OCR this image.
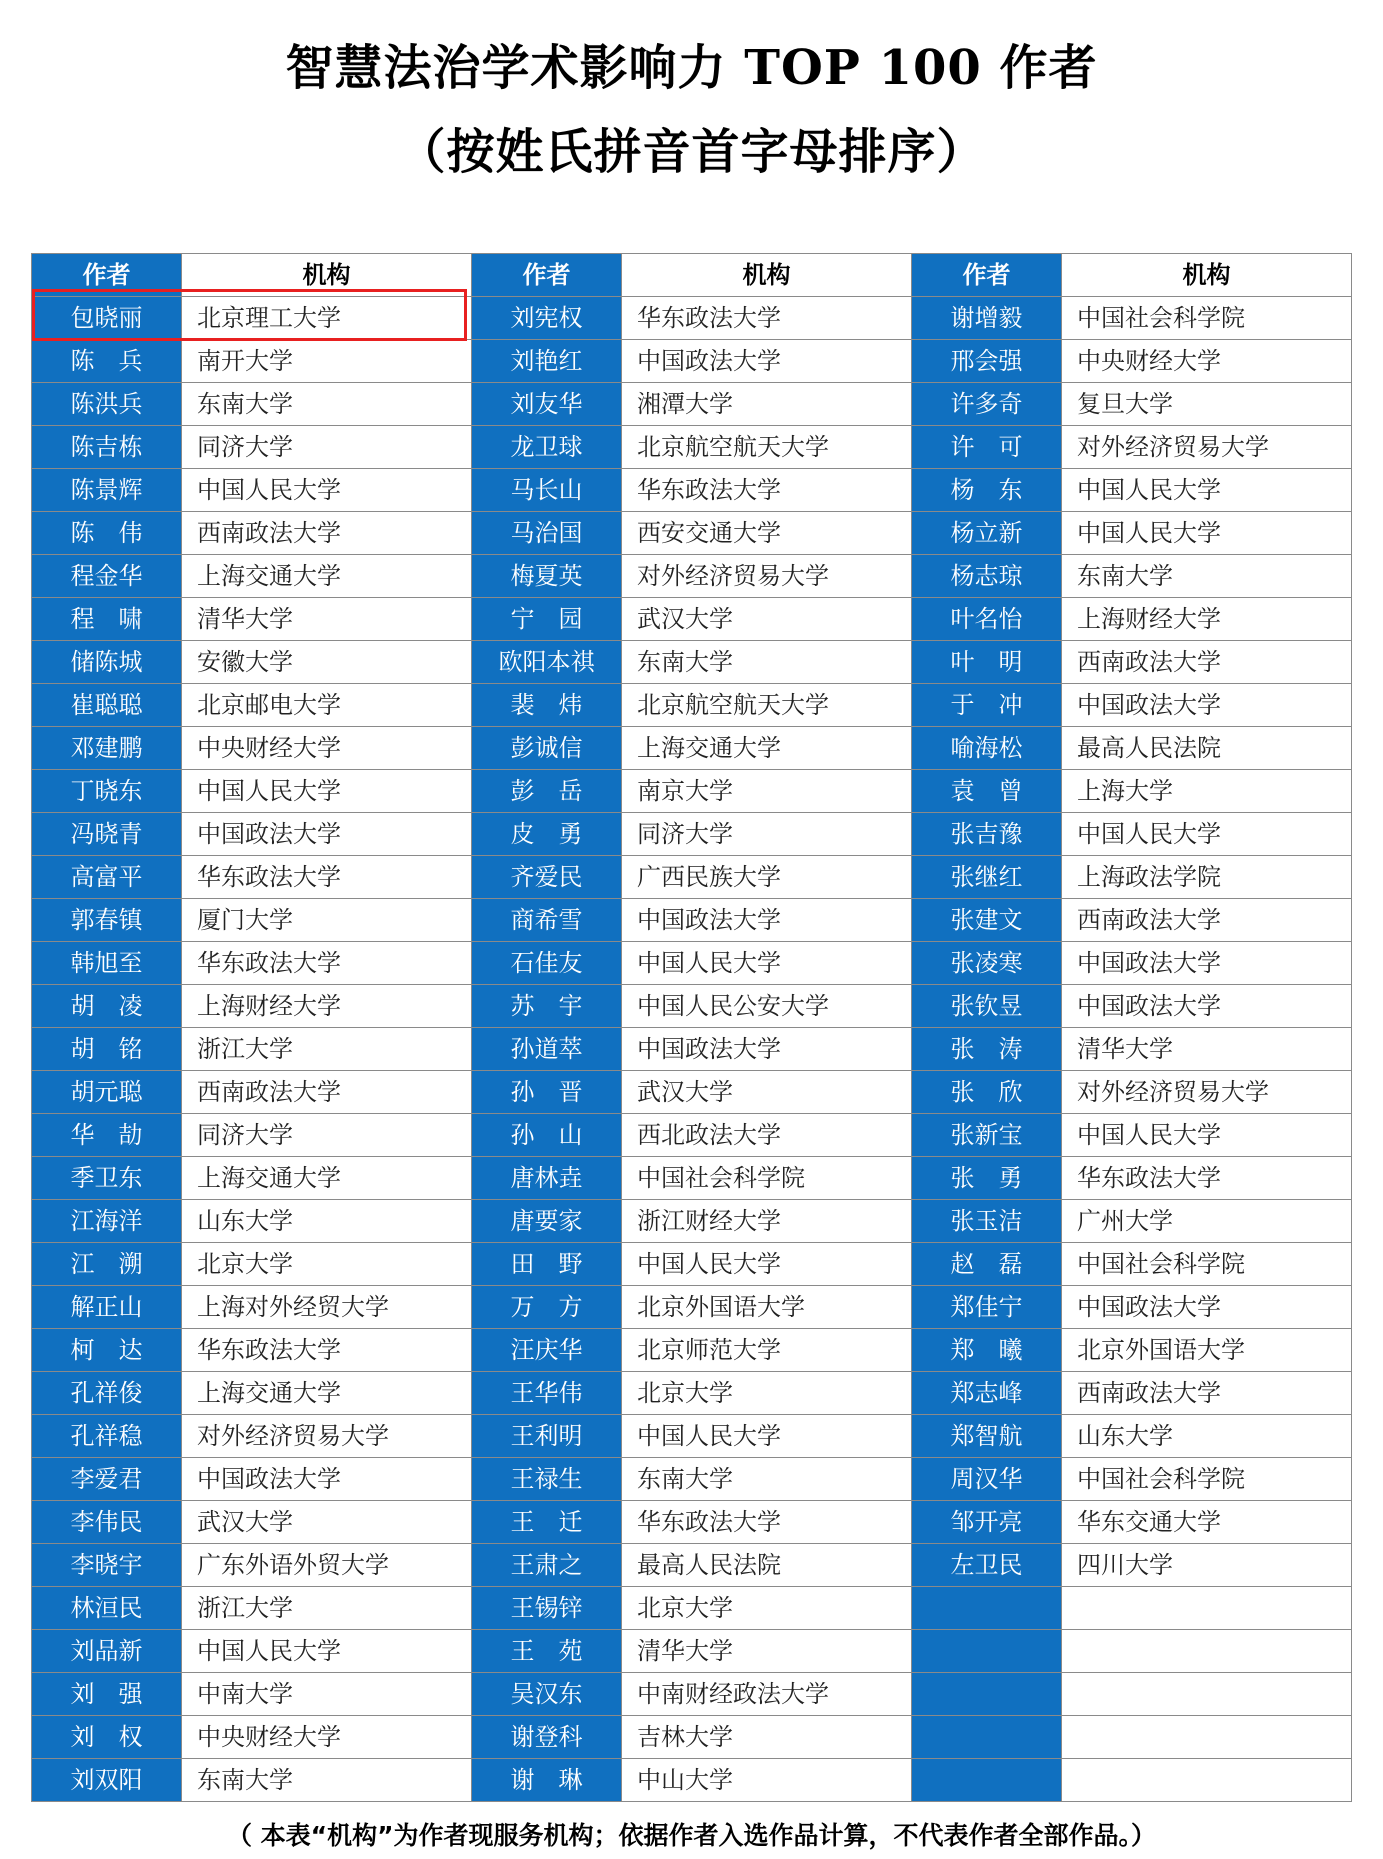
智慧法治学术影响力 TOP 100 作者
（按姓氏拼音首字母排序）
作者	机构	作者	机构	作者	机构
包晓丽	北京理工大学	刘宪权	华东政法大学	谢增毅	中国社会科学院
陈　兵	南开大学	刘艳红	中国政法大学	邢会强	中央财经大学
陈洪兵	东南大学	刘友华	湘潭大学	许多奇	复旦大学
陈吉栋	同济大学	龙卫球	北京航空航天大学	许　可	对外经济贸易大学
陈景辉	中国人民大学	马长山	华东政法大学	杨　东	中国人民大学
陈　伟	西南政法大学	马治国	西安交通大学	杨立新	中国人民大学
程金华	上海交通大学	梅夏英	对外经济贸易大学	杨志琼	东南大学
程　啸	清华大学	宁　园	武汉大学	叶名怡	上海财经大学
储陈城	安徽大学	欧阳本祺	东南大学	叶　明	西南政法大学
崔聪聪	北京邮电大学	裴　炜	北京航空航天大学	于　冲	中国政法大学
邓建鹏	中央财经大学	彭诚信	上海交通大学	喻海松	最高人民法院
丁晓东	中国人民大学	彭　岳	南京大学	袁　曾	上海大学
冯晓青	中国政法大学	皮　勇	同济大学	张吉豫	中国人民大学
高富平	华东政法大学	齐爱民	广西民族大学	张继红	上海政法学院
郭春镇	厦门大学	商希雪	中国政法大学	张建文	西南政法大学
韩旭至	华东政法大学	石佳友	中国人民大学	张凌寒	中国政法大学
胡　凌	上海财经大学	苏　宇	中国人民公安大学	张钦昱	中国政法大学
胡　铭	浙江大学	孙道萃	中国政法大学	张　涛	清华大学
胡元聪	西南政法大学	孙　晋	武汉大学	张　欣	对外经济贸易大学
华　劼	同济大学	孙　山	西北政法大学	张新宝	中国人民大学
季卫东	上海交通大学	唐林垚	中国社会科学院	张　勇	华东政法大学
江海洋	山东大学	唐要家	浙江财经大学	张玉洁	广州大学
江　溯	北京大学	田　野	中国人民大学	赵　磊	中国社会科学院
解正山	上海对外经贸大学	万　方	北京外国语大学	郑佳宁	中国政法大学
柯　达	华东政法大学	汪庆华	北京师范大学	郑　曦	北京外国语大学
孔祥俊	上海交通大学	王华伟	北京大学	郑志峰	西南政法大学
孔祥稳	对外经济贸易大学	王利明	中国人民大学	郑智航	山东大学
李爱君	中国政法大学	王禄生	东南大学	周汉华	中国社会科学院
李伟民	武汉大学	王　迁	华东政法大学	邹开亮	华东交通大学
李晓宇	广东外语外贸大学	王肃之	最高人民法院	左卫民	四川大学
林洹民	浙江大学	王锡锌	北京大学		
刘品新	中国人民大学	王　苑	清华大学		
刘　强	中南大学	吴汉东	中南财经政法大学		
刘　权	中央财经大学	谢登科	吉林大学		
刘双阳	东南大学	谢　琳	中山大学		
（ 本表“机构”为作者现服务机构；依据作者入选作品计算，不代表作者全部作品。）
